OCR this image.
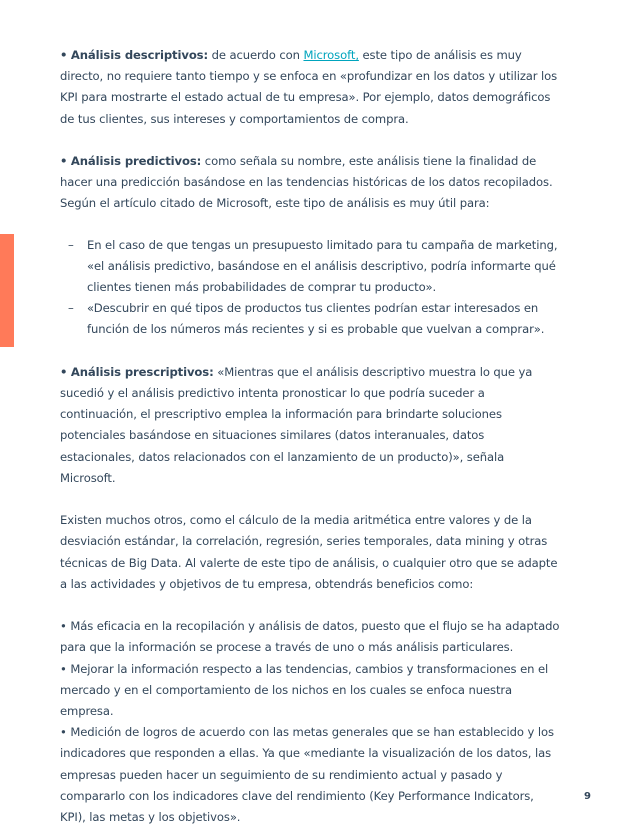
• Análisis descriptivos: de acuerdo con Microsoft, este tipo de análisis es muy directo, no requiere tanto tiempo y se enfoca en «profundizar en los datos y utilizar los KPI para mostrarte el estado actual de tu empresa». Por ejemplo, datos demográficos de tus clientes, sus intereses y comportamientos de compra.

• Análisis predictivos: como señala su nombre, este análisis tiene la finalidad de hacer una predicción basándose en las tendencias históricas de los datos recopilados. Según el artículo citado de Microsoft, este tipo de análisis es muy útil para:

– En el caso de que tengas un presupuesto limitado para tu campaña de marketing, «el análisis predictivo, basándose en el análisis descriptivo, podría informarte qué clientes tienen más probabilidades de comprar tu producto».
– «Descubrir en qué tipos de productos tus clientes podrían estar interesados en función de los números más recientes y si es probable que vuelvan a comprar».

• Análisis prescriptivos: «Mientras que el análisis descriptivo muestra lo que ya sucedió y el análisis predictivo intenta pronosticar lo que podría suceder a continuación, el prescriptivo emplea la información para brindarte soluciones potenciales basándose en situaciones similares (datos interanuales, datos estacionales, datos relacionados con el lanzamiento de un producto)», señala Microsoft.

Existen muchos otros, como el cálculo de la media aritmética entre valores y de la desviación estándar, la correlación, regresión, series temporales, data mining y otras técnicas de Big Data. Al valerte de este tipo de análisis, o cualquier otro que se adapte a las actividades y objetivos de tu empresa, obtendrás beneficios como:

• Más eficacia en la recopilación y análisis de datos, puesto que el flujo se ha adaptado para que la información se procese a través de uno o más análisis particulares.

• Mejorar la información respecto a las tendencias, cambios y transformaciones en el mercado y en el comportamiento de los nichos en los cuales se enfoca nuestra empresa.

• Medición de logros de acuerdo con las metas generales que se han establecido y los indicadores que responden a ellas. Ya que «mediante la visualización de los datos, las empresas pueden hacer un seguimiento de su rendimiento actual y pasado y compararlo con los indicadores clave del rendimiento (Key Performance Indicators, KPI), las metas y los objetivos».

9
